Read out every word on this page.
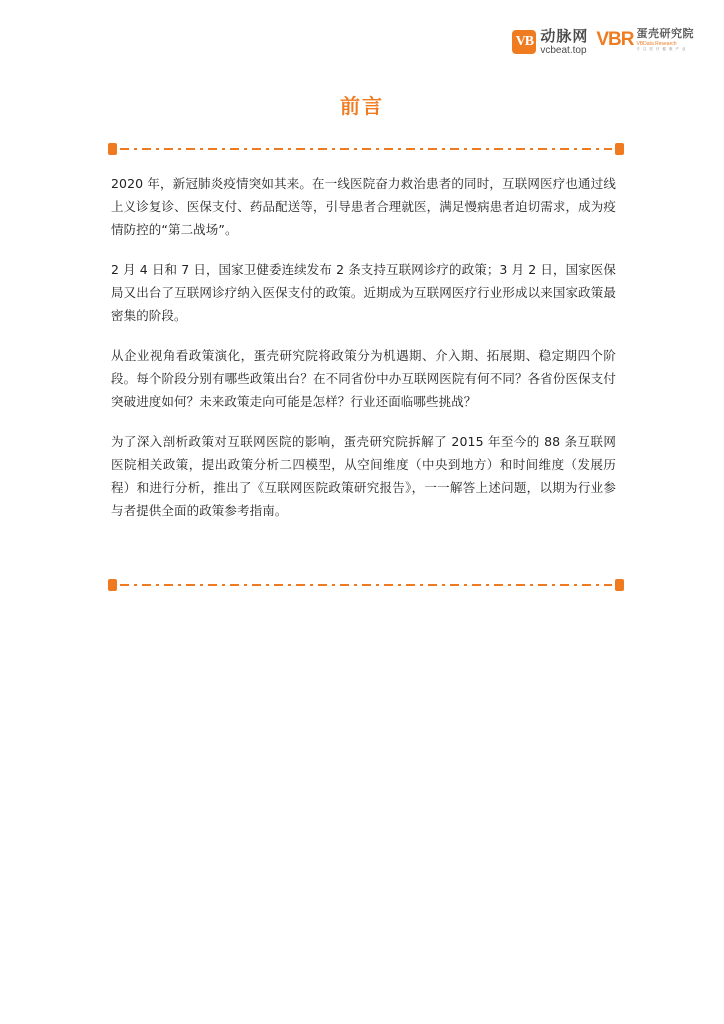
VB 动脉网
vcbeat.top
VBR 蛋壳研究院
VBData Research
专注医疗健康产业
前言

2020 年，新冠肺炎疫情突如其来。在一线医院奋力救治患者的同时，互联网医疗也通过线上义诊复诊、医保支付、药品配送等，引导患者合理就医，满足慢病患者迫切需求，成为疫情防控的“第二战场”。

2 月 4 日和 7 日，国家卫健委连续发布 2 条支持互联网诊疗的政策；3 月 2 日，国家医保局又出台了互联网诊疗纳入医保支付的政策。近期成为互联网医疗行业形成以来国家政策最密集的阶段。

从企业视角看政策演化，蛋壳研究院将政策分为机遇期、介入期、拓展期、稳定期四个阶段。每个阶段分别有哪些政策出台？在不同省份中办互联网医院有何不同？各省份医保支付突破进度如何？未来政策走向可能是怎样？行业还面临哪些挑战？

为了深入剖析政策对互联网医院的影响，蛋壳研究院拆解了 2015 年至今的 88 条互联网医院相关政策，提出政策分析二四模型，从空间维度（中央到地方）和时间维度（发展历程）和进行分析，推出了《互联网医院政策研究报告》，一一解答上述问题，以期为行业参与者提供全面的政策参考指南。
